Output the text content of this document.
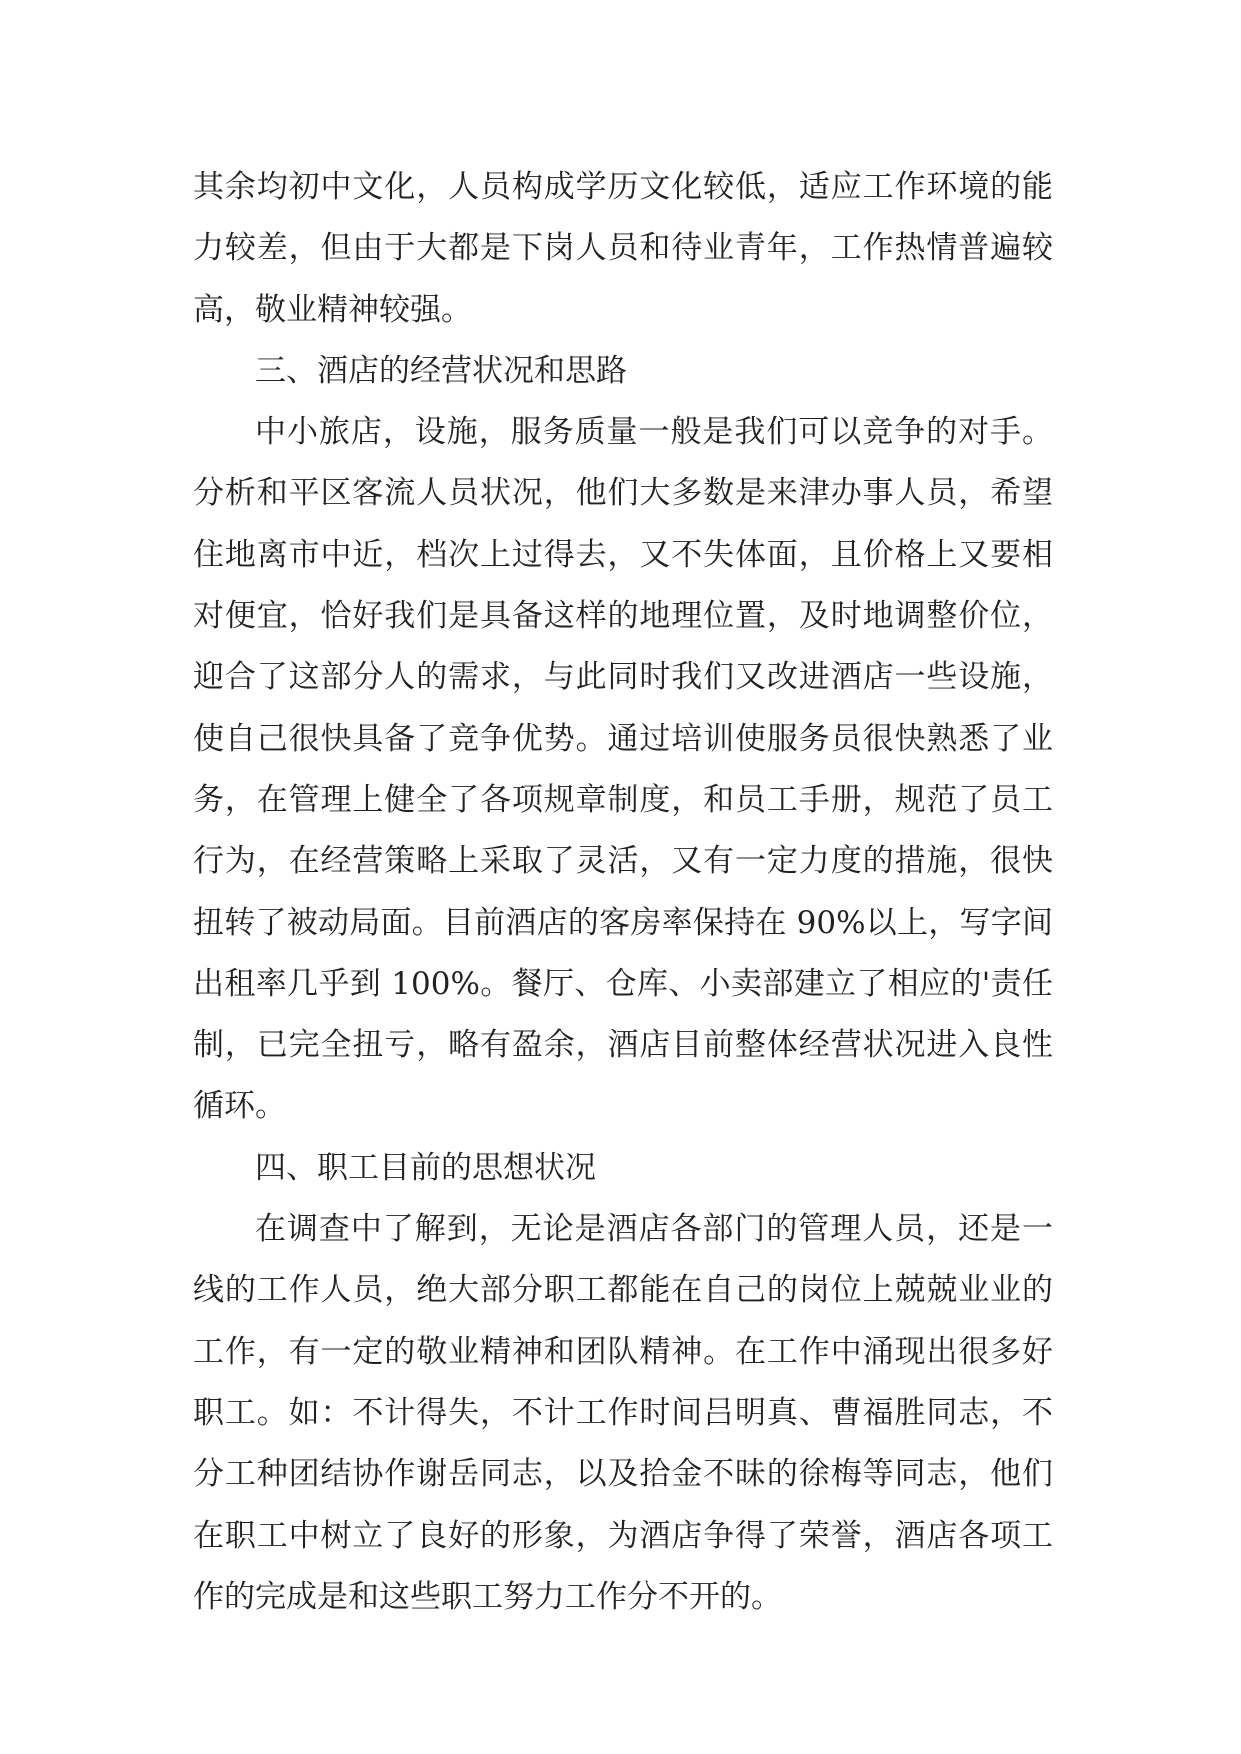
其余均初中文化，人员构成学历文化较低，适应工作环境的能力较差，但由于大都是下岗人员和待业青年，工作热情普遍较高，敬业精神较强。

三、酒店的经营状况和思路

中小旅店，设施，服务质量一般是我们可以竞争的对手。分析和平区客流人员状况，他们大多数是来津办事人员，希望住地离市中近，档次上过得去，又不失体面，且价格上又要相对便宜，恰好我们是具备这样的地理位置，及时地调整价位，迎合了这部分人的需求，与此同时我们又改进酒店一些设施，使自己很快具备了竞争优势。通过培训使服务员很快熟悉了业务，在管理上健全了各项规章制度，和员工手册，规范了员工行为，在经营策略上采取了灵活，又有一定力度的措施，很快扭转了被动局面。目前酒店的客房率保持在 90%以上，写字间出租率几乎到 100%。餐厅、仓库、小卖部建立了相应的'责任制，已完全扭亏，略有盈余，酒店目前整体经营状况进入良性循环。

四、职工目前的思想状况

在调查中了解到，无论是酒店各部门的管理人员，还是一线的工作人员，绝大部分职工都能在自己的岗位上兢兢业业的工作，有一定的敬业精神和团队精神。在工作中涌现出很多好职工。如：不计得失，不计工作时间吕明真、曹福胜同志，不分工种团结协作谢岳同志，以及拾金不昧的徐梅等同志，他们在职工中树立了良好的形象，为酒店争得了荣誉，酒店各项工作的完成是和这些职工努力工作分不开的。
